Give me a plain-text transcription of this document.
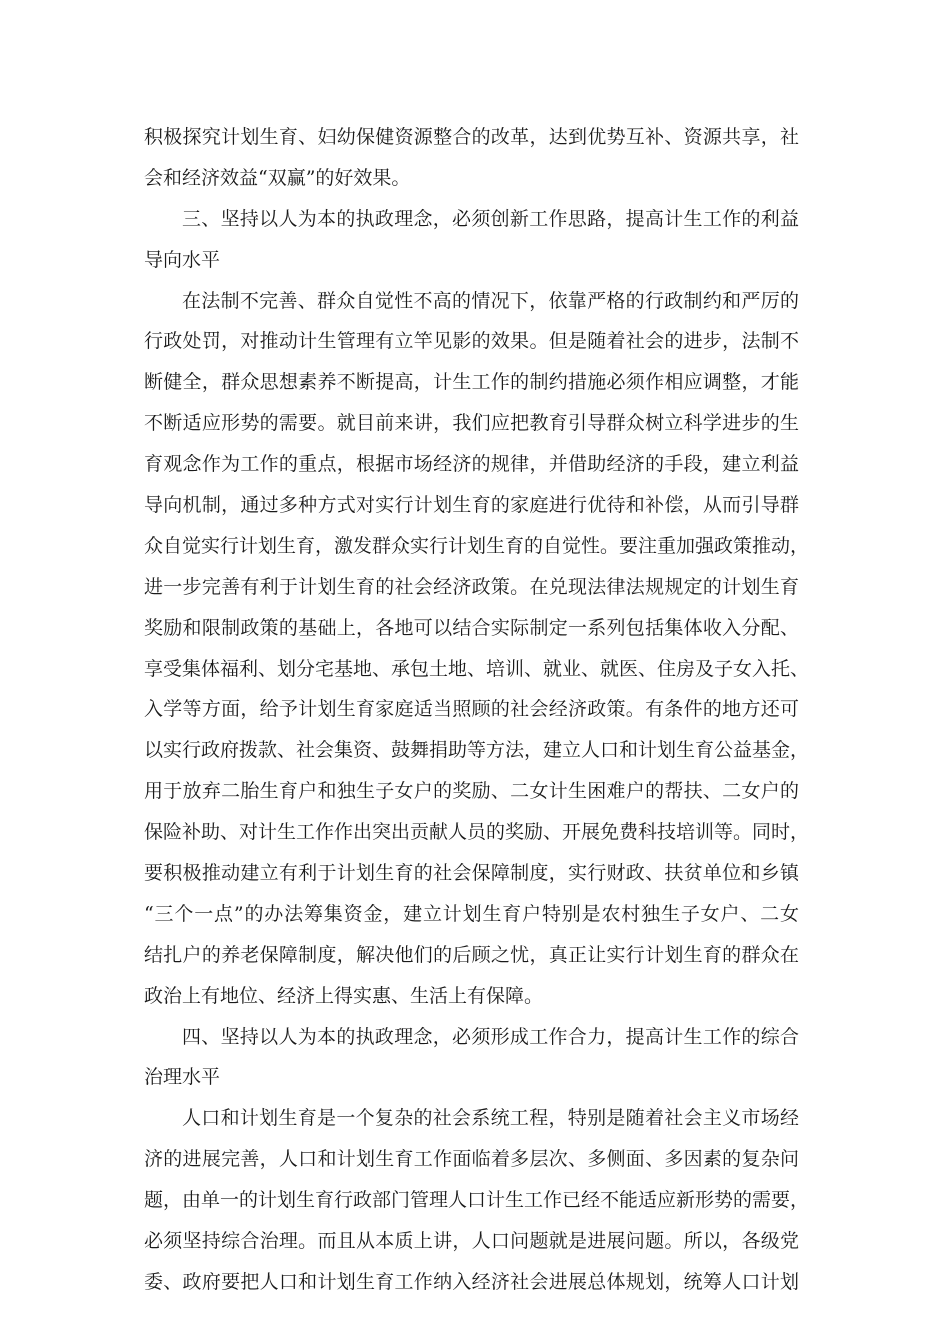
积极探究计划生育、妇幼保健资源整合的改革，达到优势互补、资源共享，社
会和经济效益“双赢”的好效果。
三、坚持以人为本的执政理念，必须创新工作思路，提高计生工作的利益
导向水平
在法制不完善、群众自觉性不高的情况下，依靠严格的行政制约和严厉的
行政处罚，对推动计生管理有立竿见影的效果。但是随着社会的进步，法制不
断健全，群众思想素养不断提高，计生工作的制约措施必须作相应调整，才能
不断适应形势的需要。就目前来讲，我们应把教育引导群众树立科学进步的生
育观念作为工作的重点，根据市场经济的规律，并借助经济的手段，建立利益
导向机制，通过多种方式对实行计划生育的家庭进行优待和补偿，从而引导群
众自觉实行计划生育，激发群众实行计划生育的自觉性。要注重加强政策推动，
进一步完善有利于计划生育的社会经济政策。在兑现法律法规规定的计划生育
奖励和限制政策的基础上，各地可以结合实际制定一系列包括集体收入分配、
享受集体福利、划分宅基地、承包土地、培训、就业、就医、住房及子女入托、
入学等方面，给予计划生育家庭适当照顾的社会经济政策。有条件的地方还可
以实行政府拨款、社会集资、鼓舞捐助等方法，建立人口和计划生育公益基金，
用于放弃二胎生育户和独生子女户的奖励、二女计生困难户的帮扶、二女户的
保险补助、对计生工作作出突出贡献人员的奖励、开展免费科技培训等。同时，
要积极推动建立有利于计划生育的社会保障制度，实行财政、扶贫单位和乡镇
“三个一点”的办法筹集资金，建立计划生育户特别是农村独生子女户、二女
结扎户的养老保障制度，解决他们的后顾之忧，真正让实行计划生育的群众在
政治上有地位、经济上得实惠、生活上有保障。
四、坚持以人为本的执政理念，必须形成工作合力，提高计生工作的综合
治理水平
人口和计划生育是一个复杂的社会系统工程，特别是随着社会主义市场经
济的进展完善，人口和计划生育工作面临着多层次、多侧面、多因素的复杂问
题，由单一的计划生育行政部门管理人口计生工作已经不能适应新形势的需要，
必须坚持综合治理。而且从本质上讲，人口问题就是进展问题。所以，各级党
委、政府要把人口和计划生育工作纳入经济社会进展总体规划，统筹人口计划
